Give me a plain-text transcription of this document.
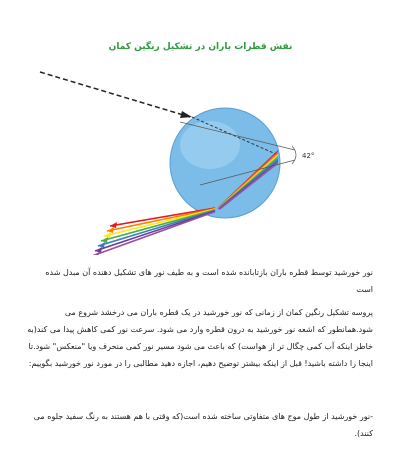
نقش قطرات باران در تشکیل رنگین کمان
42°
نور خورشید توسط قطره باران بازتابانده شده است و به طیف نور های تشکیل دهنده آن مبدل شده است
پروسه تشکیل رنگین کمان از زمانی که نور خورشید در یک قطره باران می درخشد شروع می شود.همانطور که اشعه نور خورشید به درون قطره وارد می شود. سرعت نور کمی کاهش پیدا می کند(به خاطر اینکه آب کمی چگال تر از هواست) که باعث می شود مسیر نور کمی منحرف ویا "منعکس" شود.تا اینجا را داشته باشید! قبل از اینکه بیشتر توضیح دهیم، اجازه دهید مطالبی را در مورد نور خورشید بگوییم:
-نور خورشید از طول موج های متفاوتی ساخته شده است(که وقتی با هم هستند به رنگ سفید جلوه می کنند).
